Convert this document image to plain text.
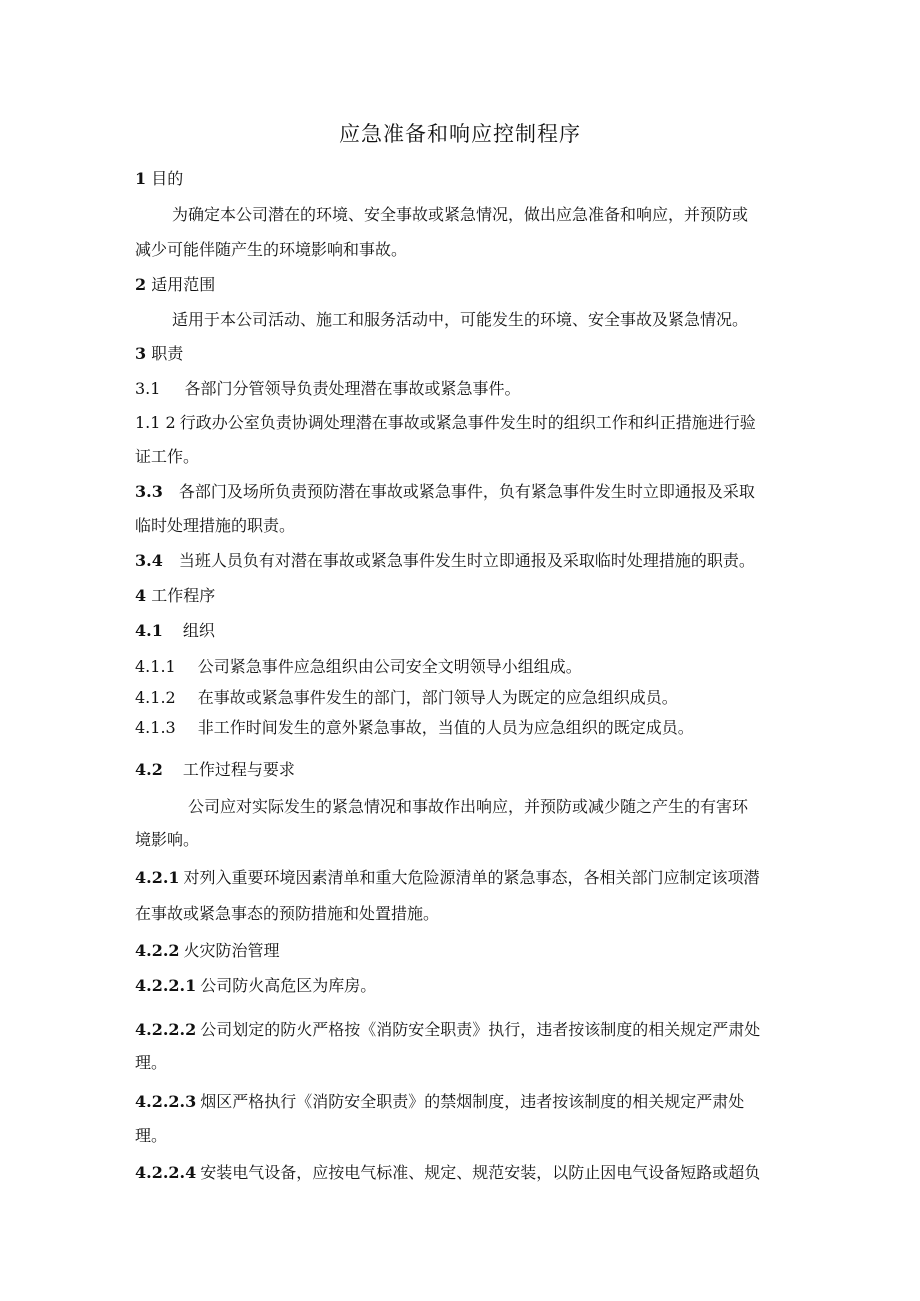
应急准备和响应控制程序
1 目的
为确定本公司潜在的环境、安全事故或紧急情况，做出应急准备和响应，并预防或
减少可能伴随产生的环境影响和事故。
2 适用范围
适用于本公司活动、施工和服务活动中，可能发生的环境、安全事故及紧急情况。
3 职责
3.1 各部门分管领导负责处理潜在事故或紧急事件。
1.1 2 行政办公室负责协调处理潜在事故或紧急事件发生时的组织工作和纠正措施进行验
证工作。
3.3 各部门及场所负责预防潜在事故或紧急事件，负有紧急事件发生时立即通报及采取
临时处理措施的职责。
3.4 当班人员负有对潜在事故或紧急事件发生时立即通报及采取临时处理措施的职责。
4 工作程序
4.1 组织
4.1.1 公司紧急事件应急组织由公司安全文明领导小组组成。
4.1.2 在事故或紧急事件发生的部门，部门领导人为既定的应急组织成员。
4.1.3 非工作时间发生的意外紧急事故，当值的人员为应急组织的既定成员。
4.2 工作过程与要求
公司应对实际发生的紧急情况和事故作出响应，并预防或减少随之产生的有害环
境影响。
4.2.1 对列入重要环境因素清单和重大危险源清单的紧急事态，各相关部门应制定该项潜
在事故或紧急事态的预防措施和处置措施。
4.2.2 火灾防治管理
4.2.2.1 公司防火高危区为库房。
4.2.2.2 公司划定的防火严格按《消防安全职责》执行，违者按该制度的相关规定严肃处
理。
4.2.2.3 烟区严格执行《消防安全职责》的禁烟制度，违者按该制度的相关规定严肃处
理。
4.2.2.4 安装电气设备，应按电气标准、规定、规范安装，以防止因电气设备短路或超负
